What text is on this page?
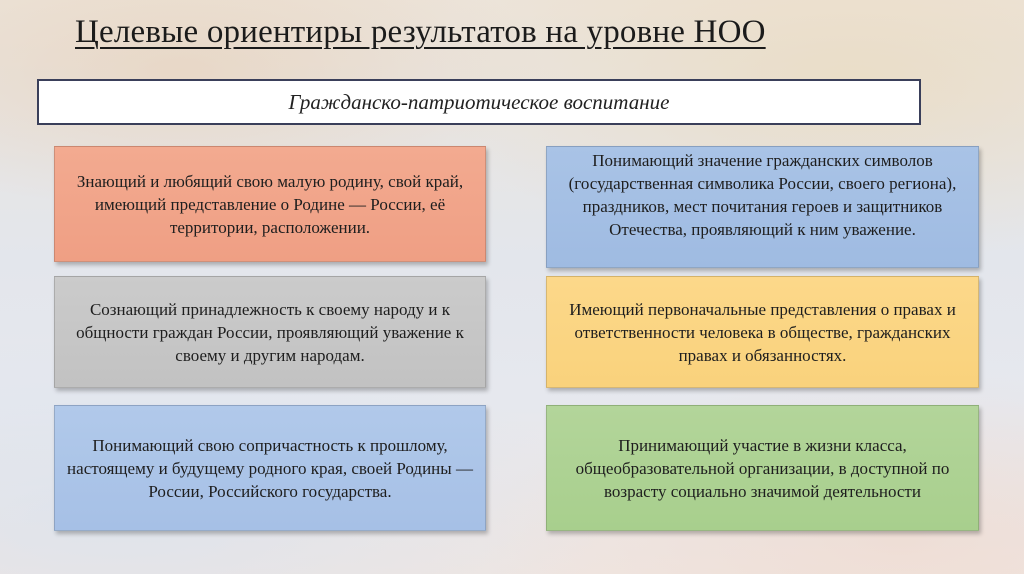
Целевые ориентиры результатов на уровне НОО
Гражданско-патриотическое воспитание
Знающий и любящий свою малую родину, свой край, имеющий представление о Родине — России, её территории, расположении.
Понимающий значение гражданских символов (государственная символика России, своего региона), праздников, мест почитания героев и защитников Отечества, проявляющий к ним уважение.
Сознающий принадлежность к своему народу и к общности граждан России, проявляющий уважение к своему и другим народам.
Имеющий первоначальные представления о правах и ответственности человека в обществе, гражданских правах и обязанностях.
Понимающий свою сопричастность к прошлому, настоящему и будущему родного края, своей Родины — России, Российского государства.
Принимающий участие в жизни класса, общеобразовательной организации, в доступной по возрасту социально значимой деятельности
